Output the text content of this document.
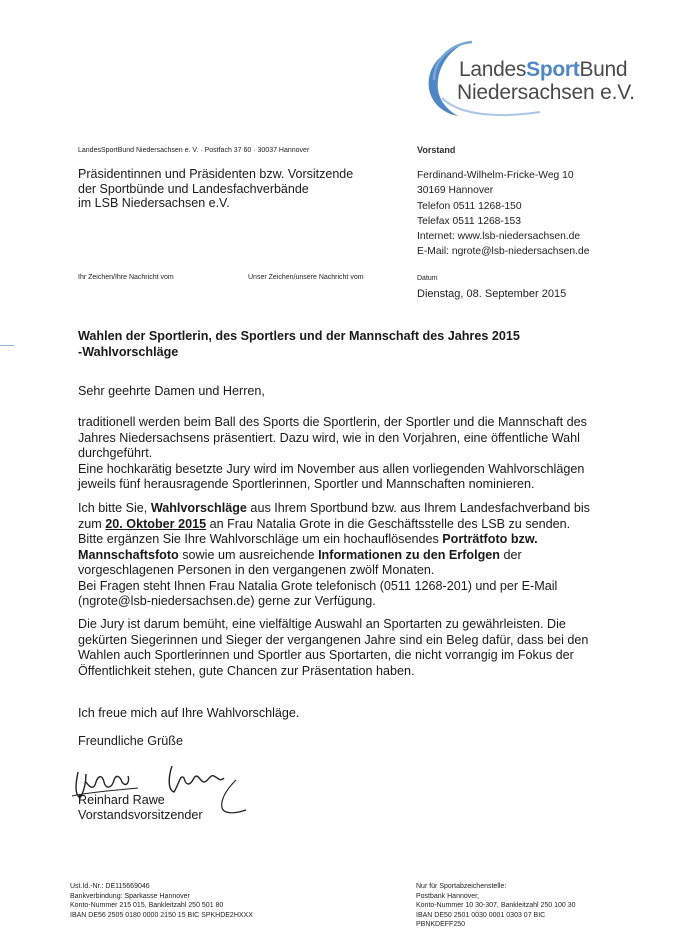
LandesSportBund
Niedersachsen e.V.
LandesSportBund Niedersachsen e. V. · Postfach 37 60 · 30037 Hannover
Präsidentinnen und Präsidenten bzw. Vorsitzende
der Sportbünde und Landesfachverbände
im LSB Niedersachsen e.V.
Vorstand
Ferdinand-Wilhelm-Fricke-Weg 10
30169 Hannover
Telefon 0511 1268-150
Telefax 0511 1268-153
Internet: www.lsb-niedersachsen.de
E-Mail: ngrote@lsb-niedersachsen.de
Ihr Zeichen/Ihre Nachricht vom	Unser Zeichen/unsere Nachricht vom	Datum
Dienstag, 08. September 2015
Wahlen der Sportlerin, des Sportlers und der Mannschaft des Jahres 2015
-Wahlvorschläge
Sehr geehrte Damen und Herren,
traditionell werden beim Ball des Sports die Sportlerin, der Sportler und die Mannschaft des
Jahres Niedersachsens präsentiert. Dazu wird, wie in den Vorjahren, eine öffentliche Wahl
durchgeführt.
Eine hochkarätig besetzte Jury wird im November aus allen vorliegenden Wahlvorschlägen
jeweils fünf herausragende Sportlerinnen, Sportler und Mannschaften nominieren.
Ich bitte Sie, Wahlvorschläge aus Ihrem Sportbund bzw. aus Ihrem Landesfachverband bis
zum 20. Oktober 2015 an Frau Natalia Grote in die Geschäftsstelle des LSB zu senden.
Bitte ergänzen Sie Ihre Wahlvorschläge um ein hochauflösendes Porträtfoto bzw.
Mannschaftsfoto sowie um ausreichende Informationen zu den Erfolgen der
vorgeschlagenen Personen in den vergangenen zwölf Monaten.
Bei Fragen steht Ihnen Frau Natalia Grote telefonisch (0511 1268-201) und per E-Mail
(ngrote@lsb-niedersachsen.de) gerne zur Verfügung.
Die Jury ist darum bemüht, eine vielfältige Auswahl an Sportarten zu gewährleisten. Die
gekürten Siegerinnen und Sieger der vergangenen Jahre sind ein Beleg dafür, dass bei den
Wahlen auch Sportlerinnen und Sportler aus Sportarten, die nicht vorrangig im Fokus der
Öffentlichkeit stehen, gute Chancen zur Präsentation haben.
Ich freue mich auf Ihre Wahlvorschläge.
Freundliche Grüße
Reinhard Rawe
Vorstandsvorsitzender
Ust.Id.-Nr.: DE115669046
Bankverbindung: Sparkasse Hannover
Konto-Nummer 215 015, Bankleitzahl 250 501 80
IBAN DE56 2505 0180 0000 2150 15 BIC SPKHDE2HXXX
Nur für Sportabzeichenstelle:
Postbank Hannover,
Konto-Nummer 10 30-307, Bankleitzahl 250 100 30
IBAN DE50 2501 0030 0001 0303 07 BIC
PBNKDEFF250
